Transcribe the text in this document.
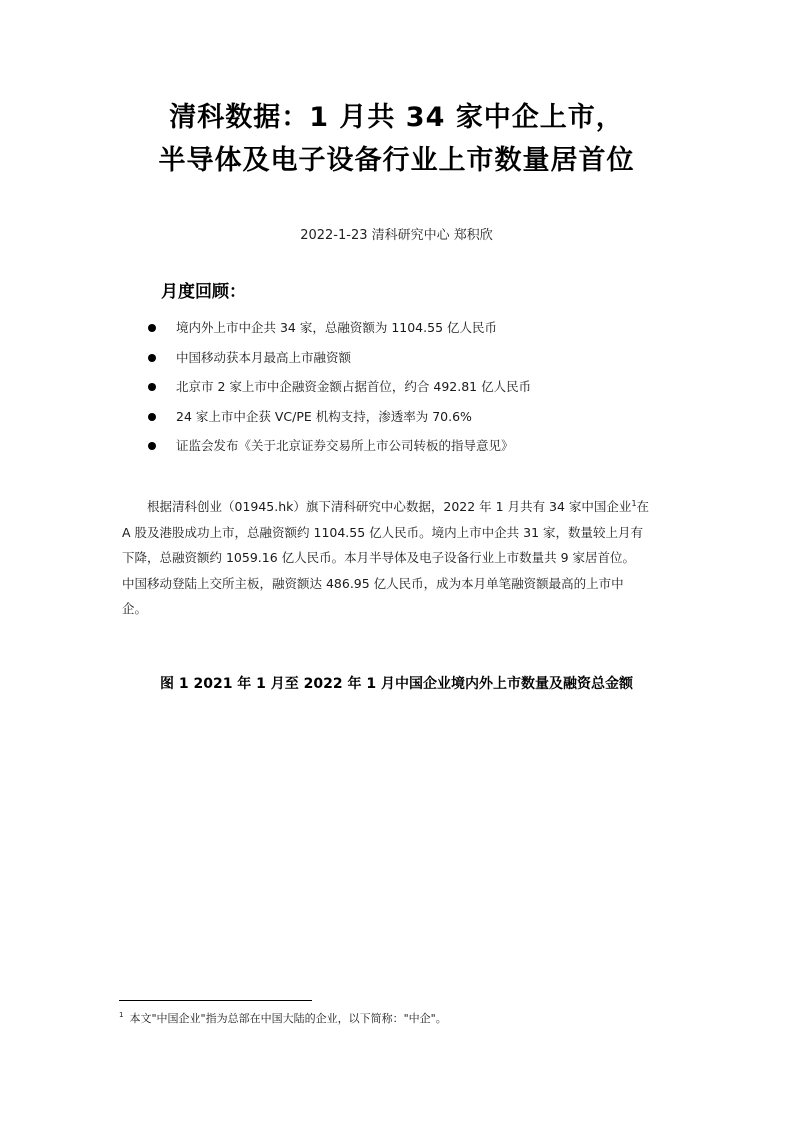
清科数据：1 月共 34 家中企上市，
半导体及电子设备行业上市数量居首位
2022-1-23 清科研究中心 郑积欣
月度回顾：
境内外上市中企共 34 家，总融资额为 1104.55 亿人民币
中国移动获本月最高上市融资额
北京市 2 家上市中企融资金额占据首位，约合 492.81 亿人民币
24 家上市中企获 VC/PE 机构支持，渗透率为 70.6%
证监会发布《关于北京证券交易所上市公司转板的指导意见》
根据清科创业（01945.hk）旗下清科研究中心数据，2022 年 1 月共有 34 家中国企业$^1$在
A 股及港股成功上市，总融资额约 1104.55 亿人民币。境内上市中企共 31 家，数量较上月有
下降，总融资额约 1059.16 亿人民币。本月半导体及电子设备行业上市数量共 9 家居首位。
中国移动登陆上交所主板，融资额达 486.95 亿人民币，成为本月单笔融资额最高的上市中
企。
图 1 2021 年 1 月至 2022 年 1 月中国企业境内外上市数量及融资总金额
$^1$ 本文"中国企业"指为总部在中国大陆的企业，以下简称："中企"。
